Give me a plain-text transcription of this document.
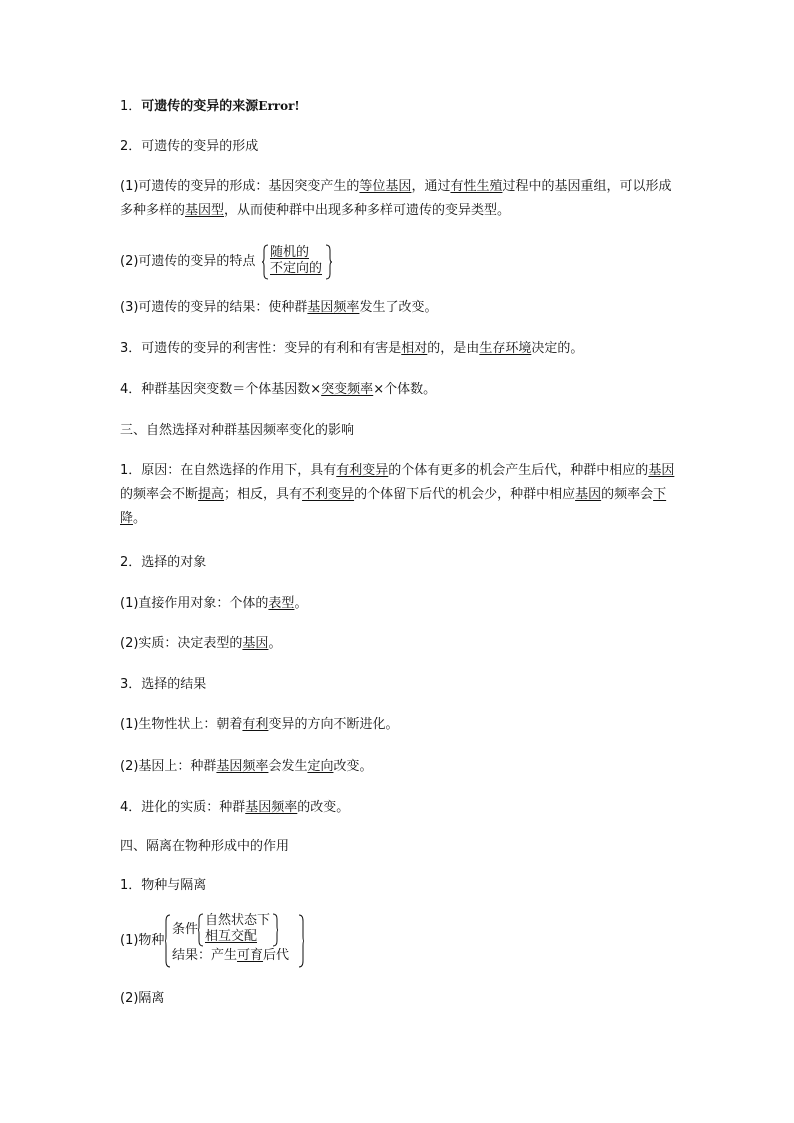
1．可遗传的变异的来源Error!
2．可遗传的变异的形成
(1)可遗传的变异的形成：基因突变产生的等位基因，通过有性生殖过程中的基因重组，可以形成多种多样的基因型，从而使种群中出现多种多样可遗传的变异类型。
(2)可遗传的变异的特点
随机的
不定向的
(3)可遗传的变异的结果：使种群基因频率发生了改变。
3．可遗传的变异的利害性：变异的有利和有害是相对的，是由生存环境决定的。
4．种群基因突变数＝个体基因数×突变频率×个体数。
三、自然选择对种群基因频率变化的影响
1．原因：在自然选择的作用下，具有有利变异的个体有更多的机会产生后代，种群中相应的基因的频率会不断提高；相反，具有不利变异的个体留下后代的机会少，种群中相应基因的频率会下降。
2．选择的对象
(1)直接作用对象：个体的表型。
(2)实质：决定表型的基因。
3．选择的结果
(1)生物性状上：朝着有利变异的方向不断进化。
(2)基因上：种群基因频率会发生定向改变。
4．进化的实质：种群基因频率的改变。
四、隔离在物种形成中的作用
1．物种与隔离
(1)物种
条件
自然状态下
相互交配
结果：产生可育后代
(2)隔离
